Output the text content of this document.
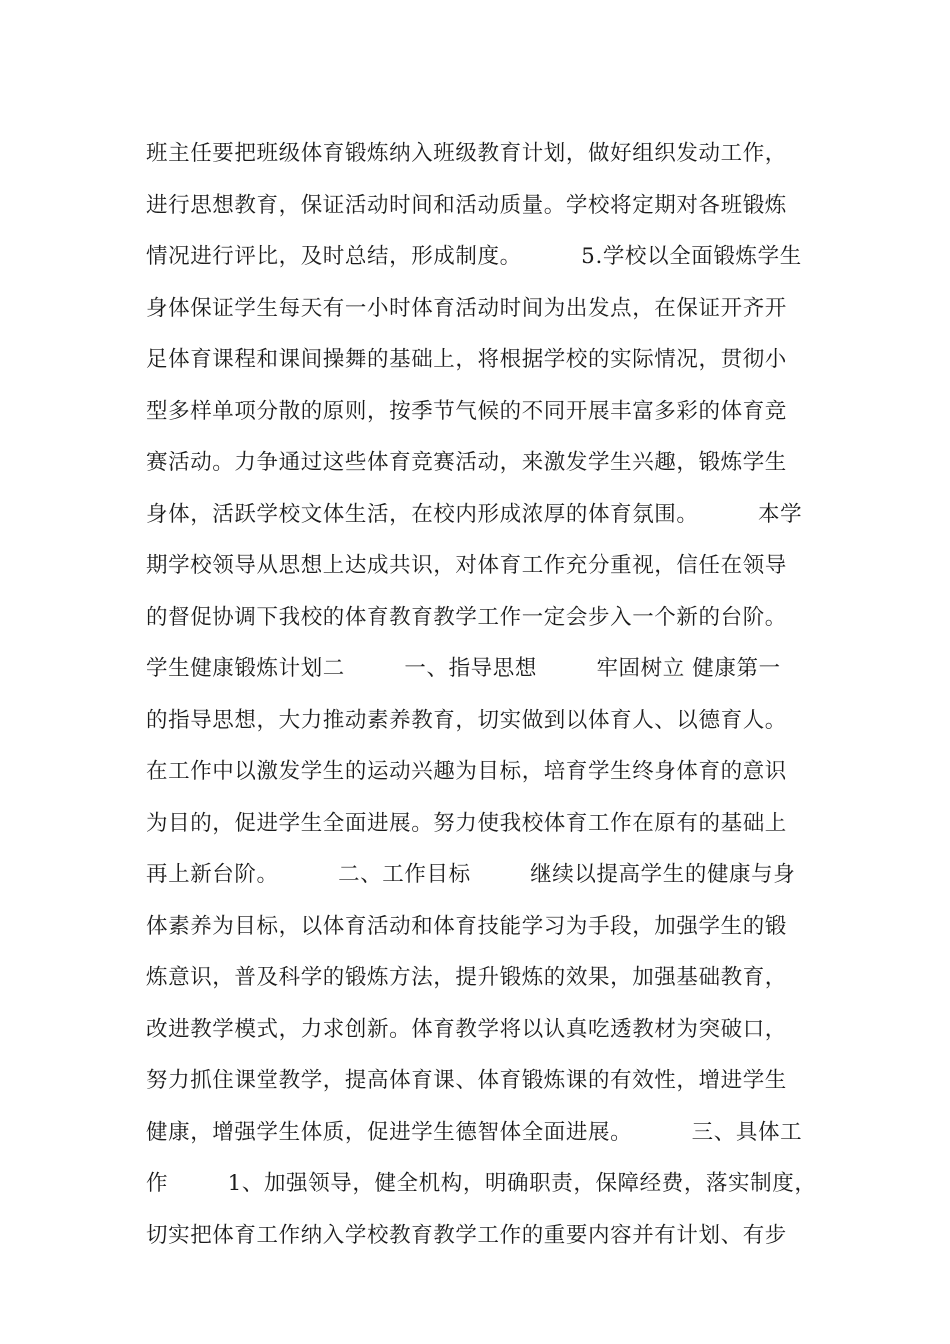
班主任要把班级体育锻炼纳入班级教育计划，做好组织发动工作，
进行思想教育，保证活动时间和活动质量。学校将定期对各班锻炼
情况进行评比，及时总结，形成制度。        5.学校以全面锻炼学生
身体保证学生每天有一小时体育活动时间为出发点，在保证开齐开
足体育课程和课间操舞的基础上，将根据学校的实际情况，贯彻小
型多样单项分散的原则，按季节气候的不同开展丰富多彩的体育竞
赛活动。力争通过这些体育竞赛活动，来激发学生兴趣，锻炼学生
身体，活跃学校文体生活，在校内形成浓厚的体育氛围。        本学
期学校领导从思想上达成共识，对体育工作充分重视，信任在领导
的督促协调下我校的体育教育教学工作一定会步入一个新的台阶。
学生健康锻炼计划二        一、指导思想        牢固树立 健康第一
的指导思想，大力推动素养教育，切实做到以体育人、以德育人。
在工作中以激发学生的运动兴趣为目标，培育学生终身体育的意识
为目的，促进学生全面进展。努力使我校体育工作在原有的基础上
再上新台阶。        二、工作目标        继续以提高学生的健康与身
体素养为目标，以体育活动和体育技能学习为手段，加强学生的锻
炼意识，普及科学的锻炼方法，提升锻炼的效果，加强基础教育，
改进教学模式，力求创新。体育教学将以认真吃透教材为突破口，
努力抓住课堂教学，提高体育课、体育锻炼课的有效性，增进学生
健康，增强学生体质，促进学生德智体全面进展。        三、具体工
作        1、加强领导，健全机构，明确职责，保障经费，落实制度，
切实把体育工作纳入学校教育教学工作的重要内容并有计划、有步
